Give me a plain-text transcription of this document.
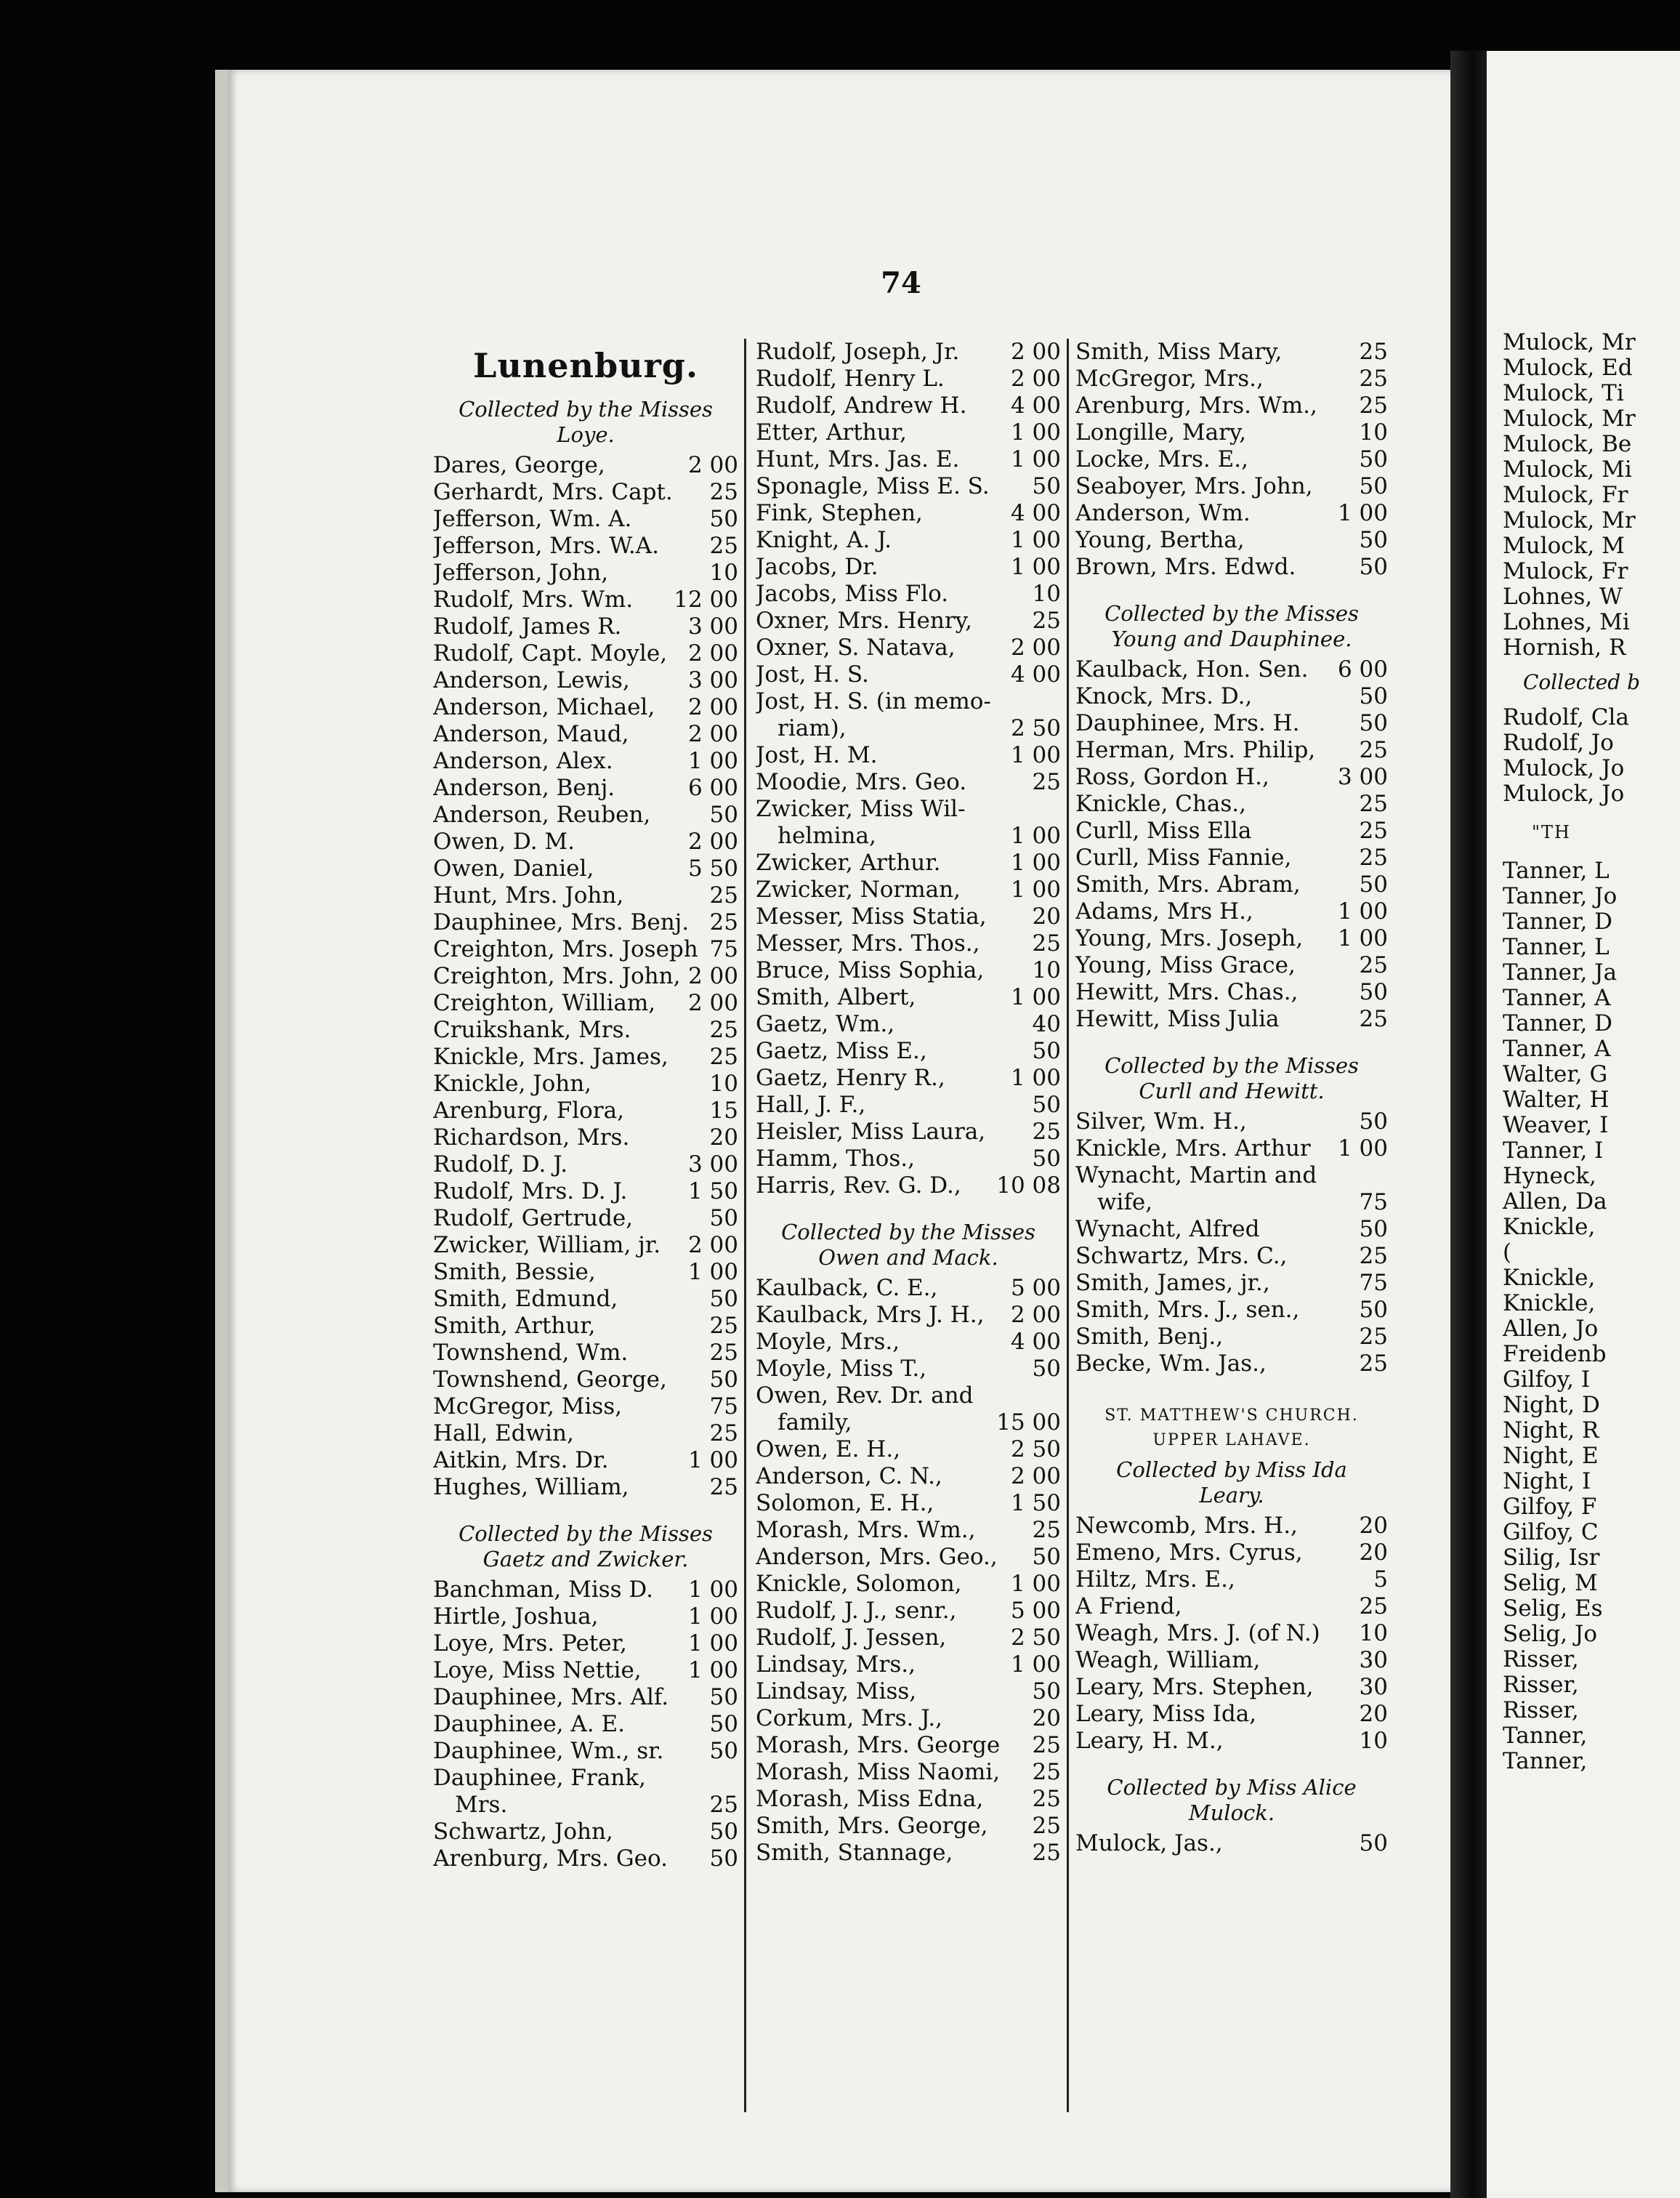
Mulock, Mr
Mulock, Ed
Mulock, Ti
Mulock, Mr
Mulock, Be
Mulock, Mi
Mulock, Fr
Mulock, Mr
Mulock, M
Mulock, Fr
Lohnes, W
Lohnes, Mi
Hornish, R
Collected b
Rudolf, Cla
Rudolf, Jo
Mulock, Jo
Mulock, Jo
"TH
Tanner, L
Tanner, Jo
Tanner, D
Tanner, L
Tanner, Ja
Tanner, A
Tanner, D
Tanner, A
Walter, G
Walter, H
Weaver, I
Tanner, I
Hyneck,
Allen, Da
Knickle,
(
Knickle,
Knickle,
Allen, Jo
Freidenb
Gilfoy, I
Night, D
Night, R
Night, E
Night, I
Gilfoy, F
Gilfoy, C
Silig, Isr
Selig, M
Selig, Es
Selig, Jo
Risser,
Risser,
Risser,
Tanner,
Tanner,
74
Lunenburg.
Collected by the Misses Loye.
Dares, George,	2 00
Gerhardt, Mrs. Capt. 25
Jefferson, Wm. A.	50
Jefferson, Mrs. W.A. 25
Jefferson, John,	10
Rudolf, Mrs. Wm. 12 00
Rudolf, James R.	3 00
Rudolf, Capt. Moyle, 2 00
Anderson, Lewis,	3 00
Anderson, Michael, 2 00
Anderson, Maud,	2 00
Anderson, Alex.	1 00
Anderson, Benj.	6 00
Anderson, Reuben,	50
Owen, D. M.	2 00
Owen, Daniel,	5 50
Hunt, Mrs. John,	25
Dauphinee, Mrs. Benj. 25
Creighton, Mrs. Joseph 75
Creighton, Mrs. John, 2 00
Creighton, William, 2 00
Cruikshank, Mrs.	25
Knickle, Mrs. James, 25
Knickle, John,	10
Arenburg, Flora,	15
Richardson, Mrs.	20
Rudolf, D. J.	3 00
Rudolf, Mrs. D. J.	1 50
Rudolf, Gertrude,	50
Zwicker, William, jr. 2 00
Smith, Bessie,	1 00
Smith, Edmund,	50
Smith, Arthur,	25
Townshend, Wm.	25
Townshend, George, 50
McGregor, Miss,	75
Hall, Edwin,	25
Aitkin, Mrs. Dr.	1 00
Hughes, William,	25
Collected by the Misses
Gaetz and Zwicker.
Banchman, Miss D. 1 00
Hirtle, Joshua,	1 00
Loye, Mrs. Peter,	1 00
Loye, Miss Nettie, 1 00
Dauphinee, Mrs. Alf. 50
Dauphinee, A. E.	50
Dauphinee, Wm., sr. 50
Dauphinee, Frank,
Mrs.	25
Schwartz, John,	50
Arenburg, Mrs. Geo. 50
Rudolf, Joseph, Jr. 2 00
Rudolf, Henry L.	2 00
Rudolf, Andrew H. 4 00
Etter, Arthur,	1 00
Hunt, Mrs. Jas. E. 1 00
Sponagle, Miss E. S. 50
Fink, Stephen,	4 00
Knight, A. J.	1 00
Jacobs, Dr.	1 00
Jacobs, Miss Flo.	10
Oxner, Mrs. Henry,	25
Oxner, S. Natava, 2 00
Jost, H. S.	4 00
Jost, H. S. (in memo-
riam),	2 50
Jost, H. M.	1 00
Moodie, Mrs. Geo.	25
Zwicker, Miss Wil-
helmina,	1 00
Zwicker, Arthur.	1 00
Zwicker, Norman, 1 00
Messer, Miss Statia, 20
Messer, Mrs. Thos., 25
Bruce, Miss Sophia, 10
Smith, Albert,	1 00
Gaetz, Wm.,	40
Gaetz, Miss E.,	50
Gaetz, Henry R.,	1 00
Hall, J. F.,	50
Heisler, Miss Laura, 25
Hamm, Thos.,	50
Harris, Rev. G. D., 10 08
Collected by the Misses
Owen and Mack.
Kaulback, C. E.,	5 00
Kaulback, Mrs J. H., 2 00
Moyle, Mrs.,	4 00
Moyle, Miss T.,	50
Owen, Rev. Dr. and
family,	15 00
Owen, E. H.,	2 50
Anderson, C. N.,	2 00
Solomon, E. H.,	1 50
Morash, Mrs. Wm.,	25
Anderson, Mrs. Geo., 50
Knickle, Solomon, 1 00
Rudolf, J. J., senr., 5 00
Rudolf, J. Jessen,	2 50
Lindsay, Mrs.,	1 00
Lindsay, Miss,	50
Corkum, Mrs. J.,	20
Morash, Mrs. George 25
Morash, Miss Naomi, 25
Morash, Miss Edna, 25
Smith, Mrs. George, 25
Smith, Stannage,	25
Smith, Miss Mary,	25
McGregor, Mrs.,	25
Arenburg, Mrs. Wm., 25
Longille, Mary,	10
Locke, Mrs. E.,	50
Seaboyer, Mrs. John, 50
Anderson, Wm.	1 00
Young, Bertha,	50
Brown, Mrs. Edwd.	50
Collected by the Misses
Young and Dauphinee.
Kaulback, Hon. Sen. 6 00
Knock, Mrs. D.,	50
Dauphinee, Mrs. H.	50
Herman, Mrs. Philip, 25
Ross, Gordon H.,	3 00
Knickle, Chas.,	25
Curll, Miss Ella	25
Curll, Miss Fannie,	25
Smith, Mrs. Abram,	50
Adams, Mrs H.,	1 00
Young, Mrs. Joseph, 1 00
Young, Miss Grace,	25
Hewitt, Mrs. Chas.,	50
Hewitt, Miss Julia	25
Collected by the Misses
Curll and Hewitt.
Silver, Wm. H.,	50
Knickle, Mrs. Arthur 1 00
Wynacht, Martin and
wife,	75
Wynacht, Alfred	50
Schwartz, Mrs. C.,	25
Smith, James, jr.,	75
Smith, Mrs. J., sen.,	50
Smith, Benj.,	25
Becke, Wm. Jas.,	25
ST. MATTHEW'S CHURCH.
UPPER LAHAVE.
Collected by Miss Ida
Leary.
Newcomb, Mrs. H.,	20
Emeno, Mrs. Cyrus,	20
Hiltz, Mrs. E.,	5
A Friend,	25
Weagh, Mrs. J. (of N.) 10
Weagh, William,	30
Leary, Mrs. Stephen, 30
Leary, Miss Ida,	20
Leary, H. M.,	10
Collected by Miss Alice
Mulock.
Mulock, Jas.,	50
